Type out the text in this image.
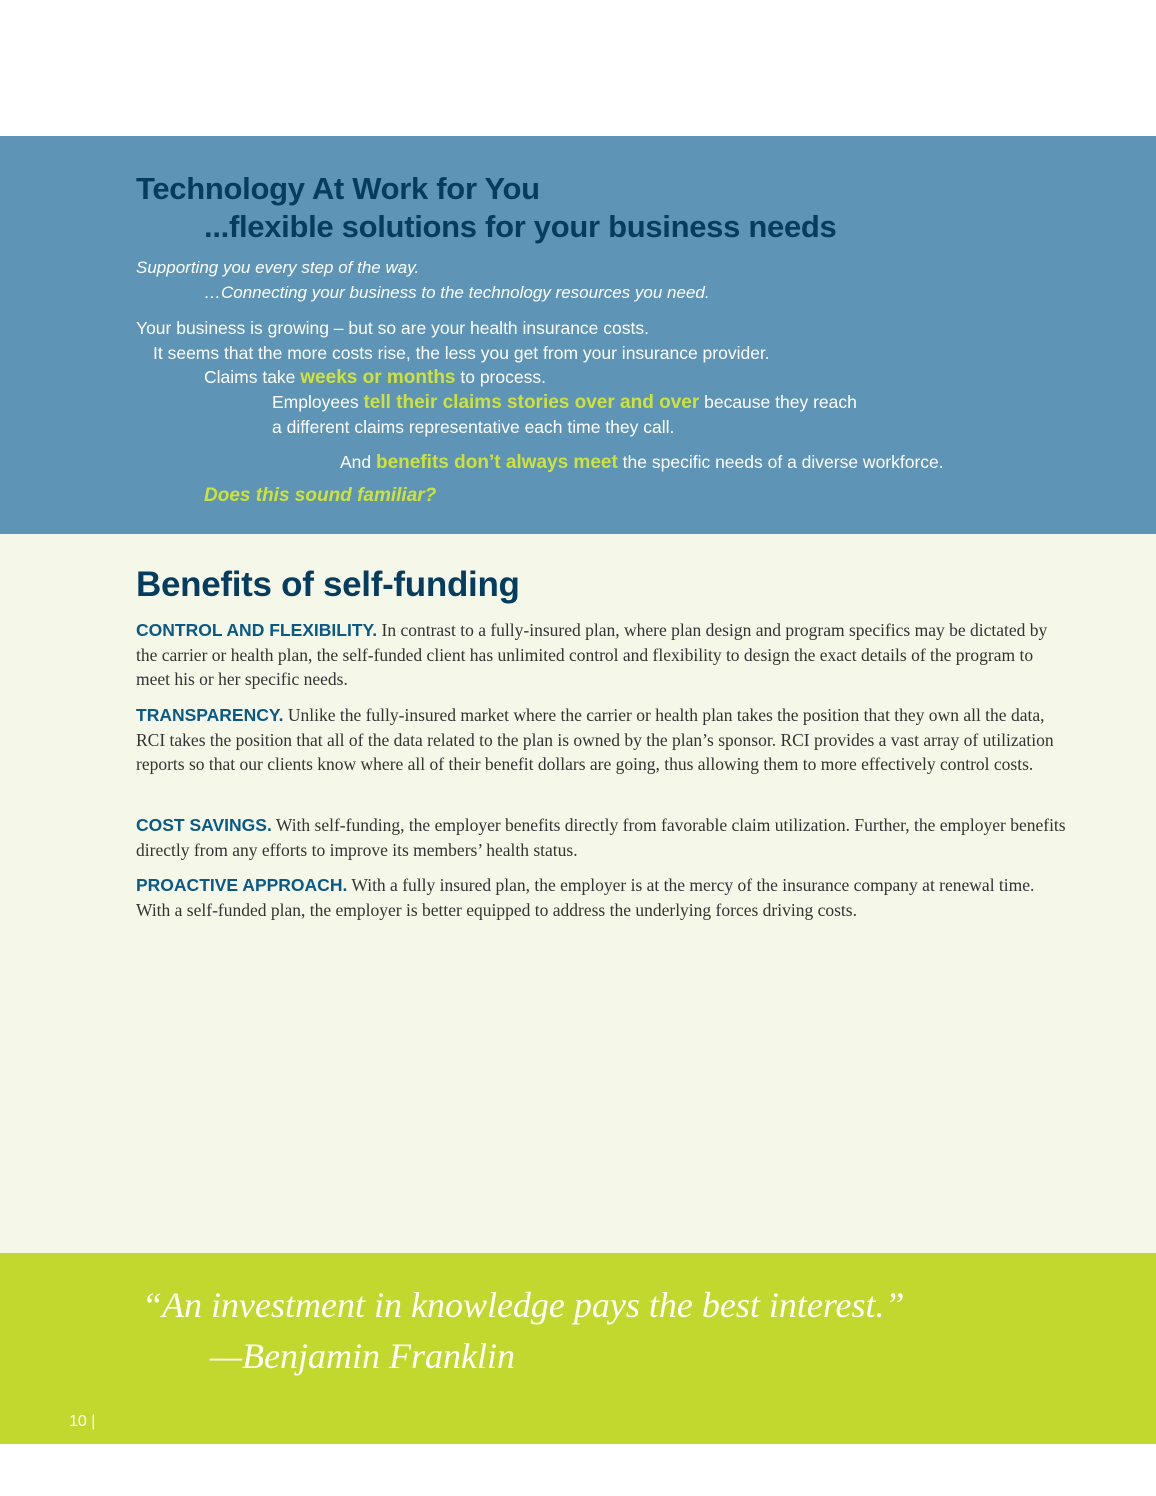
Technology At Work for You
...flexible solutions for your business needs
Supporting you every step of the way.
…Connecting your business to the technology resources you need.
Your business is growing – but so are your health insurance costs.
It seems that the more costs rise, the less you get from your insurance provider.
Claims take weeks or months to process.
Employees tell their claims stories over and over because they reach
a different claims representative each time they call.
And benefits don’t always meet the specific needs of a diverse workforce.
Does this sound familiar?
Benefits of self-funding

CONTROL AND FLEXIBILITY. In contrast to a fully-insured plan, where plan design and program specifics may be dictated by the carrier or health plan, the self-funded client has unlimited control and flexibility to design the exact details of the program to meet his or her specific needs.

TRANSPARENCY. Unlike the fully-insured market where the carrier or health plan takes the position that they own all the data, RCI takes the position that all of the data related to the plan is owned by the plan’s sponsor. RCI provides a vast array of utilization reports so that our clients know where all of their benefit dollars are going, thus allowing them to more effectively control costs.

COST SAVINGS. With self-funding, the employer benefits directly from favorable claim utilization. Further, the employer benefits directly from any efforts to improve its members’ health status.

PROACTIVE APPROACH. With a fully insured plan, the employer is at the mercy of the insurance company at renewal time. With a self-funded plan, the employer is better equipped to address the underlying forces driving costs.

“An investment in knowledge pays the best interest.”
—Benjamin Franklin
10 |
